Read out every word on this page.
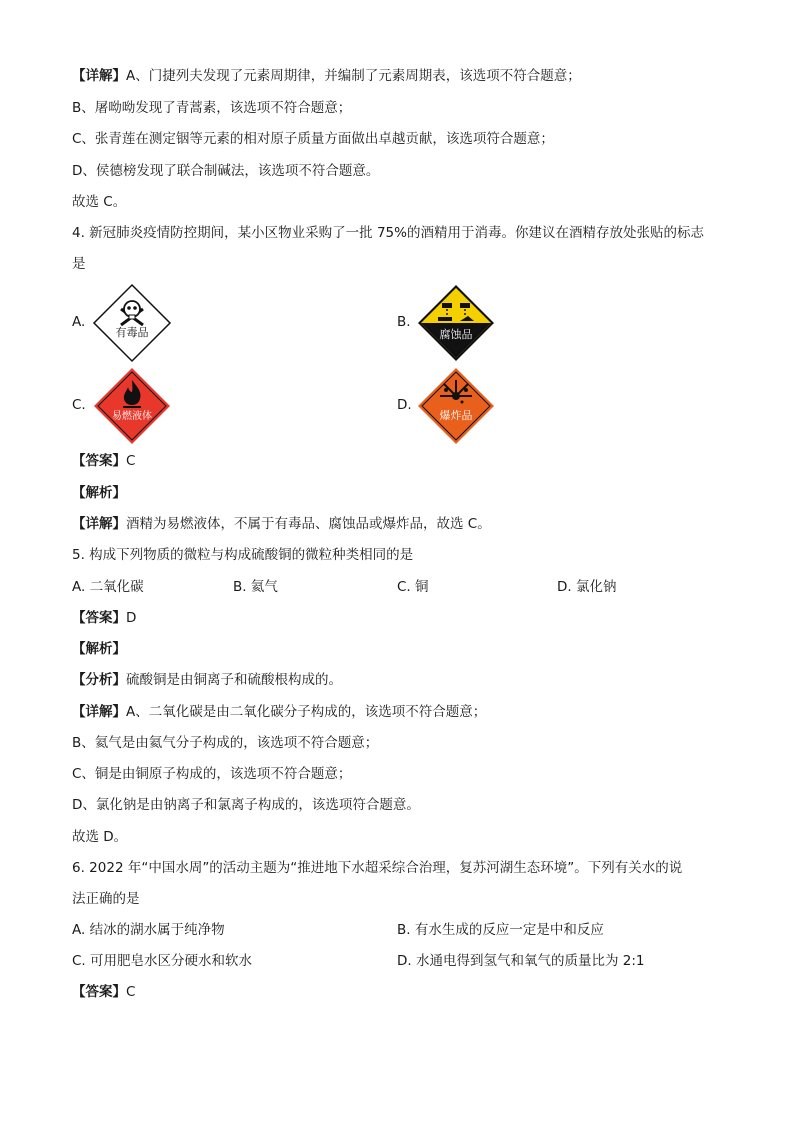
【详解】A、门捷列夫发现了元素周期律，并编制了元素周期表，该选项不符合题意；
B、屠呦呦发现了青蒿素，该选项不符合题意；
C、张青莲在测定铟等元素的相对原子质量方面做出卓越贡献，该选项符合题意；
D、侯德榜发现了联合制碱法，该选项不符合题意。
故选 C。
4. 新冠肺炎疫情防控期间，某小区物业采购了一批 75%的酒精用于消毒。你建议在酒精存放处张贴的标志
是
A.
有毒品
B.
腐蚀品
C.
易燃液体
D.
爆炸品
【答案】C
【解析】
【详解】酒精为易燃液体，不属于有毒品、腐蚀品或爆炸品，故选 C。
5. 构成下列物质的微粒与构成硫酸铜的微粒种类相同的是
A. 二氧化碳	B. 氦气	C. 铜	D. 氯化钠
【答案】D
【解析】
【分析】硫酸铜是由铜离子和硫酸根构成的。
【详解】A、二氧化碳是由二氧化碳分子构成的，该选项不符合题意；
B、氦气是由氦气分子构成的，该选项不符合题意；
C、铜是由铜原子构成的，该选项不符合题意；
D、氯化钠是由钠离子和氯离子构成的，该选项符合题意。
故选 D。
6. 2022 年“中国水周”的活动主题为“推进地下水超采综合治理，复苏河湖生态环境”。下列有关水的说
法正确的是
A. 结冰的湖水属于纯净物	B. 有水生成的反应一定是中和反应
C. 可用肥皂水区分硬水和软水	D. 水通电得到氢气和氧气的质量比为 2:1
【答案】C
